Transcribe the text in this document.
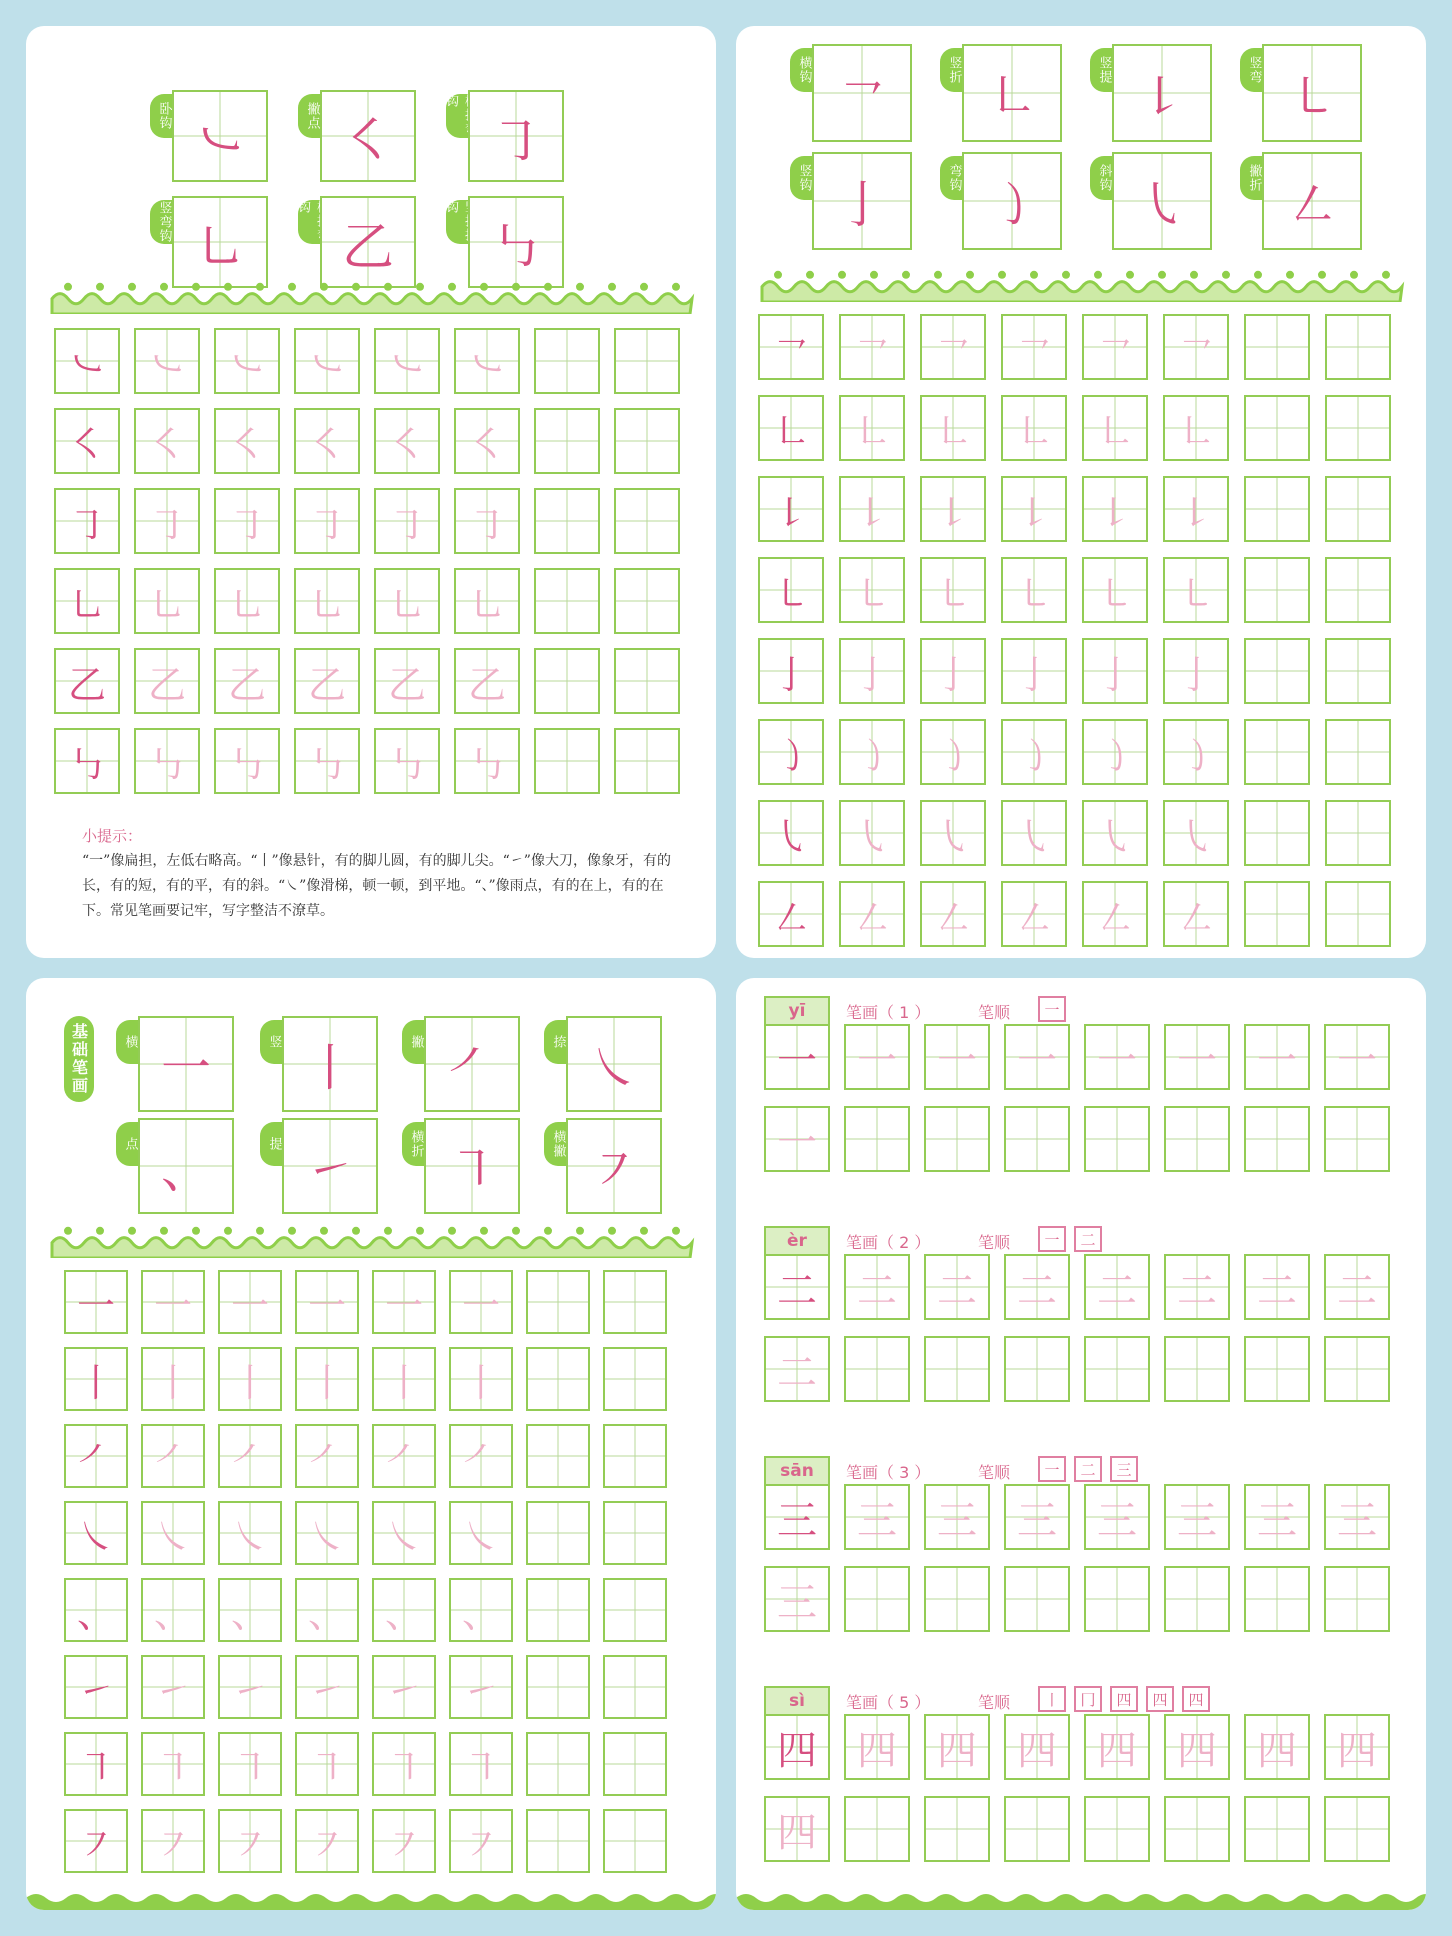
卧钩 ㇃	撇点 ㇛
钩
㇆
竖弯钩 ㇟
钩
乙
钩
㇉
㇃	㇃	㇃	㇃	㇃	㇃
㇛	㇛	㇛	㇛	㇛	㇛
㇆	㇆	㇆	㇆	㇆	㇆
㇟	㇟	㇟	㇟	㇟	㇟
乙	乙	乙	乙	乙	乙
㇉	㇉	㇉	㇉	㇉	㇉
小提示：
“一”像扁担，左低右略高。“丨”像悬针，有的脚儿圆，有的脚儿尖。“㇀”像大刀，像象牙，有的长，有的短，有的平，有的斜。“㇏”像滑梯，顿一顿，到平地。“、”像雨点，有的在上，有的在下。常见笔画要记牢，写字整洁不潦草。
横钩 ㇖	竖折 ㇗	竖提 ㇙	竖弯 ㇄
竖钩 亅	弯钩 ㇁	斜钩 ㇂	撇折 ㇜
㇖	㇖	㇖	㇖	㇖	㇖
㇗	㇗	㇗	㇗	㇗	㇗
㇙	㇙	㇙	㇙	㇙	㇙
㇄	㇄	㇄	㇄	㇄	㇄
亅	亅	亅	亅	亅	亅
㇁	㇁	㇁	㇁	㇁	㇁
㇂	㇂	㇂	㇂	㇂	㇂
㇜	㇜	㇜	㇜	㇜	㇜
基础笔画	横 一	竖 丨	撇 ㇒	捺 ㇏
点 、	提 ㇀	横折 ㇕	横撇 ㇇
一	一	一	一	一	一
丨	丨	丨	丨	丨	丨
㇒	㇒	㇒	㇒	㇒	㇒
㇏	㇏	㇏	㇏	㇏	㇏
、	、	、	、	、	、
㇀	㇀	㇀	㇀	㇀	㇀
㇕	㇕	㇕	㇕	㇕	㇕
㇇	㇇	㇇	㇇	㇇	㇇
yī	笔画（ 1 ）	笔顺	一
一	一	一	一	一	一	一	一
一
èr	笔画（ 2 ）	笔顺	一	二
二	二	二	二	二	二	二	二
二
sān	笔画（ 3 ）	笔顺	一	二	三
三	三	三	三	三	三	三	三
三
sì	笔画（ 5 ）	笔顺	丨	冂	四	四	四
四	四	四	四	四	四	四	四
四
